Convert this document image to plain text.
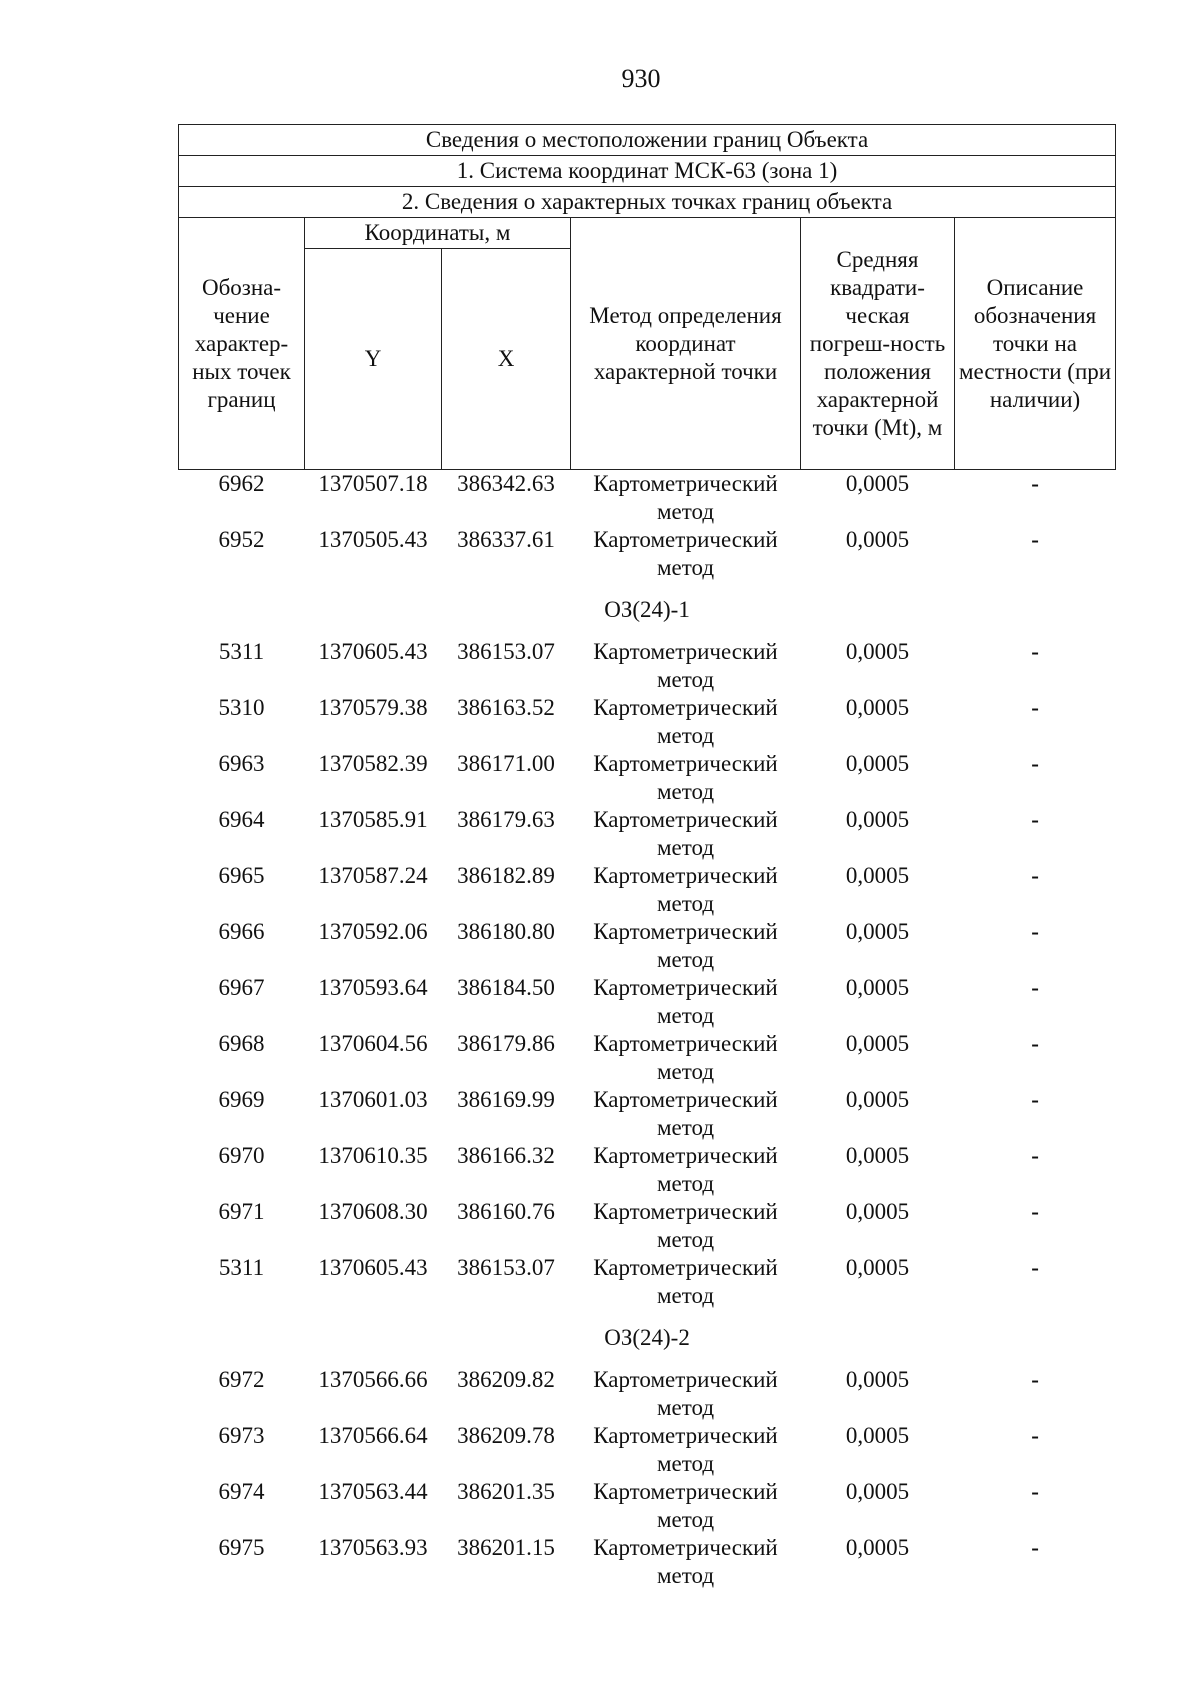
930
Сведения о местоположении границ Объекта					
1. Система координат МСК-63 (зона 1)					
2. Сведения о характерных точках границ объекта					
Обозна-чение характер-ных точек границ	Координаты, м		Метод определения координат характерной точки	Средняя квадрати-ческая погреш-ность положения характерной точки (Mt), м	Описание обозначения точки на местности (при наличии)
	Y	X			
6962	1370507.18	386342.63	Картометрический метод	0,0005	-
6952	1370505.43	386337.61	Картометрический метод	0,0005	-
ОЗ(24)-1					
5311	1370605.43	386153.07	Картометрический метод	0,0005	-
5310	1370579.38	386163.52	Картометрический метод	0,0005	-
6963	1370582.39	386171.00	Картометрический метод	0,0005	-
6964	1370585.91	386179.63	Картометрический метод	0,0005	-
6965	1370587.24	386182.89	Картометрический метод	0,0005	-
6966	1370592.06	386180.80	Картометрический метод	0,0005	-
6967	1370593.64	386184.50	Картометрический метод	0,0005	-
6968	1370604.56	386179.86	Картометрический метод	0,0005	-
6969	1370601.03	386169.99	Картометрический метод	0,0005	-
6970	1370610.35	386166.32	Картометрический метод	0,0005	-
6971	1370608.30	386160.76	Картометрический метод	0,0005	-
5311	1370605.43	386153.07	Картометрический метод	0,0005	-
ОЗ(24)-2					
6972	1370566.66	386209.82	Картометрический метод	0,0005	-
6973	1370566.64	386209.78	Картометрический метод	0,0005	-
6974	1370563.44	386201.35	Картометрический метод	0,0005	-
6975	1370563.93	386201.15	Картометрический метод	0,0005	-
